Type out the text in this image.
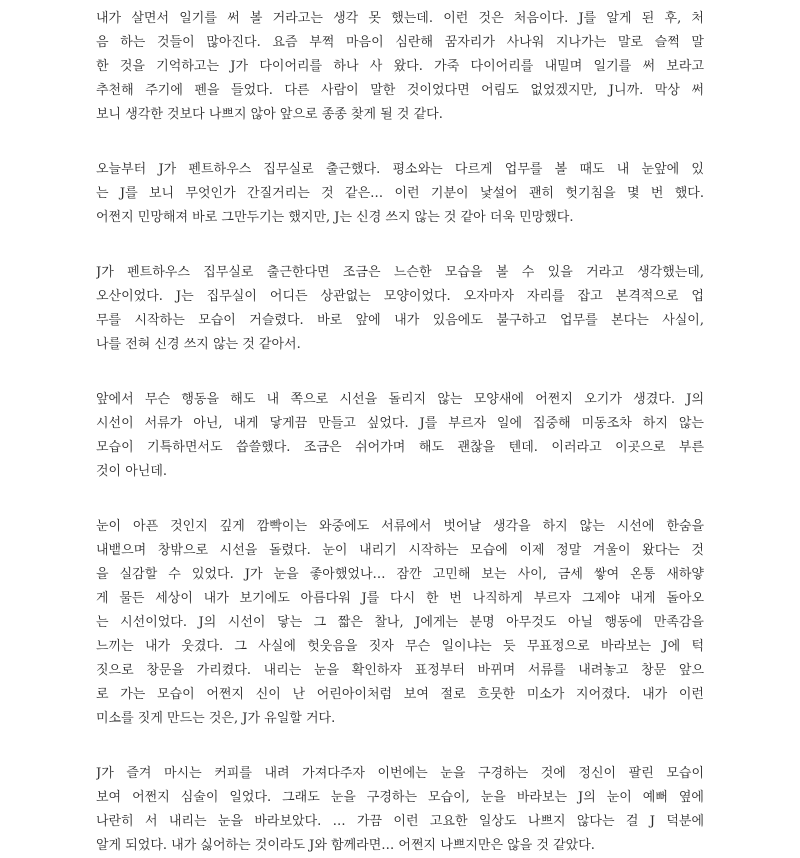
내가 살면서 일기를 써 볼 거라고는 생각 못 했는데. 이런 것은 처음이다. J를 알게 된 후, 처
음 하는 것들이 많아진다. 요즘 부쩍 마음이 심란해 꿈자리가 사나워 지나가는 말로 슬쩍 말
한 것을 기억하고는 J가 다이어리를 하나 사 왔다. 가죽 다이어리를 내밀며 일기를 써 보라고
추천해 주기에 펜을 들었다. 다른 사람이 말한 것이었다면 어림도 없었겠지만, J니까. 막상 써
보니 생각한 것보다 나쁘지 않아 앞으로 종종 찾게 될 것 같다.
오늘부터 J가 펜트하우스 집무실로 출근했다. 평소와는 다르게 업무를 볼 때도 내 눈앞에 있
는 J를 보니 무엇인가 간질거리는 것 같은… 이런 기분이 낯설어 괜히 헛기침을 몇 번 했다.
어쩐지 민망해져 바로 그만두기는 했지만, J는 신경 쓰지 않는 것 같아 더욱 민망했다.
J가 펜트하우스 집무실로 출근한다면 조금은 느슨한 모습을 볼 수 있을 거라고 생각했는데,
오산이었다. J는 집무실이 어디든 상관없는 모양이었다. 오자마자 자리를 잡고 본격적으로 업
무를 시작하는 모습이 거슬렸다. 바로 앞에 내가 있음에도 불구하고 업무를 본다는 사실이,
나를 전혀 신경 쓰지 않는 것 같아서.
앞에서 무슨 행동을 해도 내 쪽으로 시선을 돌리지 않는 모양새에 어쩐지 오기가 생겼다. J의
시선이 서류가 아닌, 내게 닿게끔 만들고 싶었다. J를 부르자 일에 집중해 미동조차 하지 않는
모습이 기특하면서도 씁쓸했다. 조금은 쉬어가며 해도 괜찮을 텐데. 이러라고 이곳으로 부른
것이 아닌데.
눈이 아픈 것인지 깊게 깜빡이는 와중에도 서류에서 벗어날 생각을 하지 않는 시선에 한숨을
내뱉으며 창밖으로 시선을 돌렸다. 눈이 내리기 시작하는 모습에 이제 정말 겨울이 왔다는 것
을 실감할 수 있었다. J가 눈을 좋아했었나… 잠깐 고민해 보는 사이, 금세 쌓여 온통 새하얗
게 물든 세상이 내가 보기에도 아름다워 J를 다시 한 번 나직하게 부르자 그제야 내게 돌아오
는 시선이었다. J의 시선이 닿는 그 짧은 찰나, J에게는 분명 아무것도 아닐 행동에 만족감을
느끼는 내가 웃겼다. 그 사실에 헛웃음을 짓자 무슨 일이냐는 듯 무표정으로 바라보는 J에 턱
짓으로 창문을 가리켰다. 내리는 눈을 확인하자 표정부터 바뀌며 서류를 내려놓고 창문 앞으
로 가는 모습이 어쩐지 신이 난 어린아이처럼 보여 절로 흐뭇한 미소가 지어졌다. 내가 이런
미소를 짓게 만드는 것은, J가 유일할 거다.
J가 즐겨 마시는 커피를 내려 가져다주자 이번에는 눈을 구경하는 것에 정신이 팔린 모습이
보여 어쩐지 심술이 일었다. 그래도 눈을 구경하는 모습이, 눈을 바라보는 J의 눈이 예뻐 옆에
나란히 서 내리는 눈을 바라보았다. … 가끔 이런 고요한 일상도 나쁘지 않다는 걸 J 덕분에
알게 되었다. 내가 싫어하는 것이라도 J와 함께라면… 어쩐지 나쁘지만은 않을 것 같았다.
